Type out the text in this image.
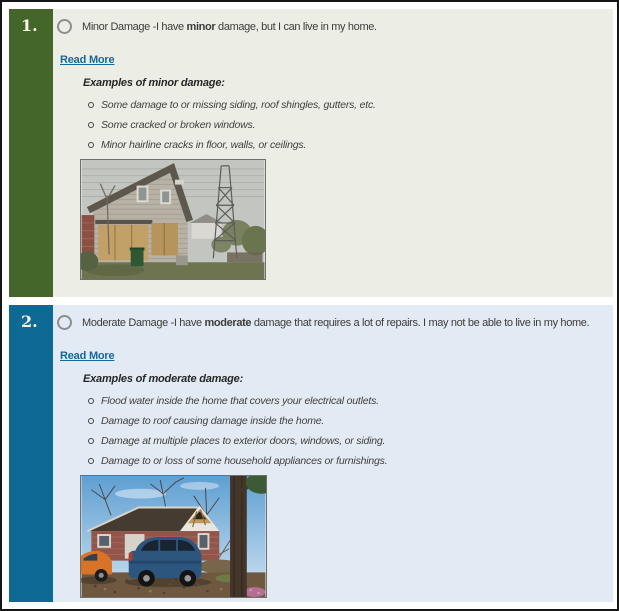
1.	Minor Damage -I have minor damage, but I can live in my home.
Read More
Examples of minor damage:
Some damage to or missing siding, roof shingles, gutters, etc.
Some cracked or broken windows.
Minor hairline cracks in floor, walls, or ceilings.
2.	Moderate Damage -I have moderate damage that requires a lot of repairs. I may not be able to live in my home.
Read More
Examples of moderate damage:
Flood water inside the home that covers your electrical outlets.
Damage to roof causing damage inside the home.
Damage at multiple places to exterior doors, windows, or siding.
Damage to or loss of some household appliances or furnishings.
